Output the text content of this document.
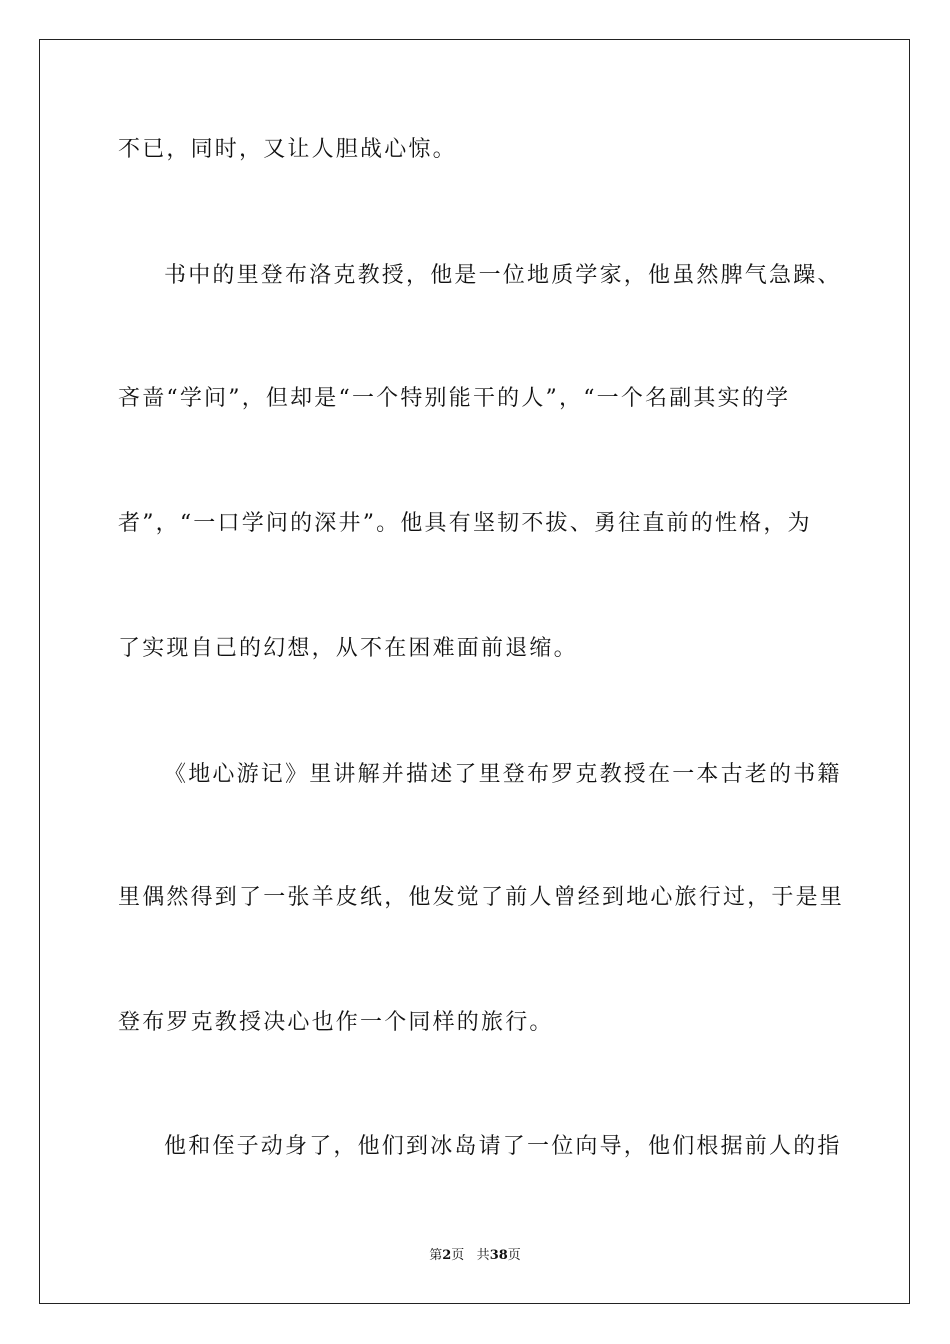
不已，同时，又让人胆战心惊。
书中的里登布洛克教授，他是一位地质学家，他虽然脾气急躁、
吝啬“学问”，但却是“一个特别能干的人”，“一个名副其实的学
者”，“一口学问的深井”。他具有坚韧不拔、勇往直前的性格，为
了实现自己的幻想，从不在困难面前退缩。
《地心游记》里讲解并描述了里登布罗克教授在一本古老的书籍
里偶然得到了一张羊皮纸，他发觉了前人曾经到地心旅行过，于是里
登布罗克教授决心也作一个同样的旅行。
他和侄子动身了，他们到冰岛请了一位向导，他们根据前人的指
第2页 共38页
